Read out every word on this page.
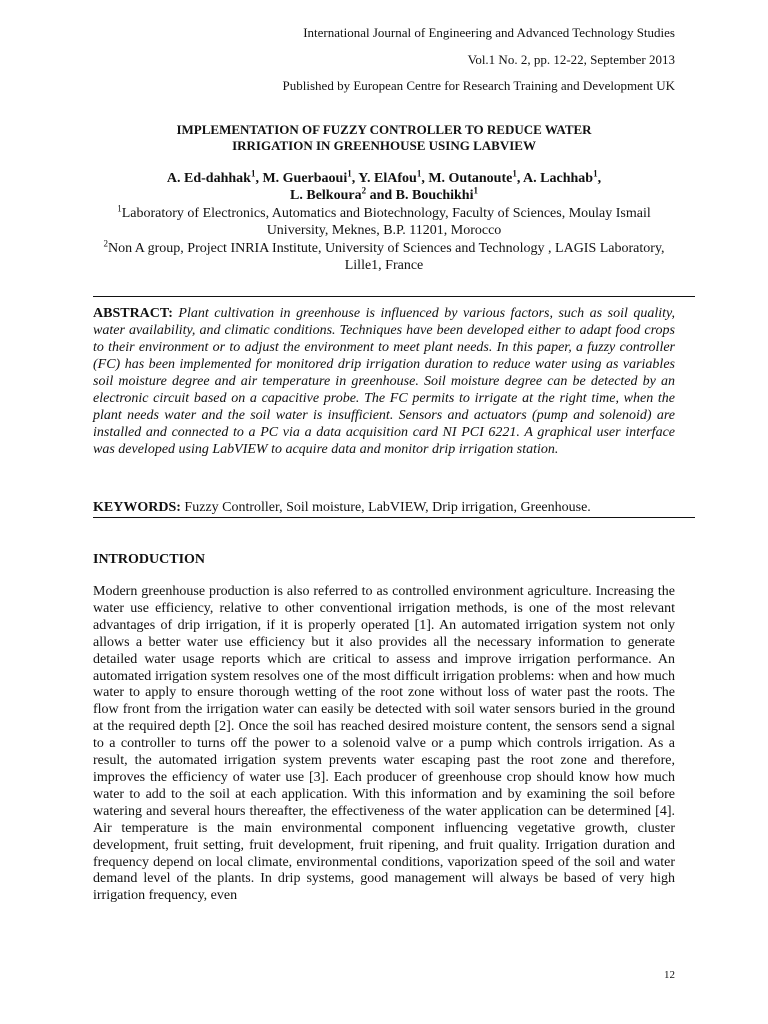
International Journal of Engineering and Advanced Technology Studies
Vol.1 No. 2, pp. 12-22, September 2013
Published by European Centre for Research Training and Development UK
IMPLEMENTATION OF FUZZY CONTROLLER TO REDUCE WATER
IRRIGATION IN GREENHOUSE USING LABVIEW
A. Ed-dahhak$^1$, M. Guerbaoui$^1$, Y. ElAfou$^1$, M. Outanoute$^1$, A. Lachhab$^1$,
L. Belkoura$^2$ and B. Bouchikhi$^1$
$^1$Laboratory of Electronics, Automatics and Biotechnology, Faculty of Sciences, Moulay Ismail University, Meknes, B.P. 11201, Morocco
$^2$Non A group, Project INRIA Institute, University of Sciences and Technology , LAGIS Laboratory, Lille1, France
ABSTRACT: Plant cultivation in greenhouse is influenced by various factors, such as soil quality, water availability, and climatic conditions. Techniques have been developed either to adapt food crops to their environment or to adjust the environment to meet plant needs. In this paper, a fuzzy controller (FC) has been implemented for monitored drip irrigation duration to reduce water using as variables soil moisture degree and air temperature in greenhouse. Soil moisture degree can be detected by an electronic circuit based on a capacitive probe. The FC permits to irrigate at the right time, when the plant needs water and the soil water is insufficient. Sensors and actuators (pump and solenoid) are installed and connected to a PC via a data acquisition card NI PCI 6221. A graphical user interface was developed using LabVIEW to acquire data and monitor drip irrigation station.
KEYWORDS: Fuzzy Controller, Soil moisture, LabVIEW, Drip irrigation, Greenhouse.
INTRODUCTION
Modern greenhouse production is also referred to as controlled environment agriculture. Increasing the water use efficiency, relative to other conventional irrigation methods, is one of the most relevant advantages of drip irrigation, if it is properly operated [1]. An automated irrigation system not only allows a better water use efficiency but it also provides all the necessary information to generate detailed water usage reports which are critical to assess and improve irrigation performance. An automated irrigation system resolves one of the most difficult irrigation problems: when and how much water to apply to ensure thorough wetting of the root zone without loss of water past the roots. The flow front from the irrigation water can easily be detected with soil water sensors buried in the ground at the required depth [2]. Once the soil has reached desired moisture content, the sensors send a signal to a controller to turns off the power to a solenoid valve or a pump which controls irrigation. As a result, the automated irrigation system prevents water escaping past the root zone and therefore, improves the efficiency of water use [3]. Each producer of greenhouse crop should know how much water to add to the soil at each application. With this information and by examining the soil before watering and several hours thereafter, the effectiveness of the water application can be determined [4]. Air temperature is the main environmental component influencing vegetative growth, cluster development, fruit setting, fruit development, fruit ripening, and fruit quality. Irrigation duration and frequency depend on local climate, environmental conditions, vaporization speed of the soil and water demand level of the plants. In drip systems, good management will always be based of very high irrigation frequency, even
12
